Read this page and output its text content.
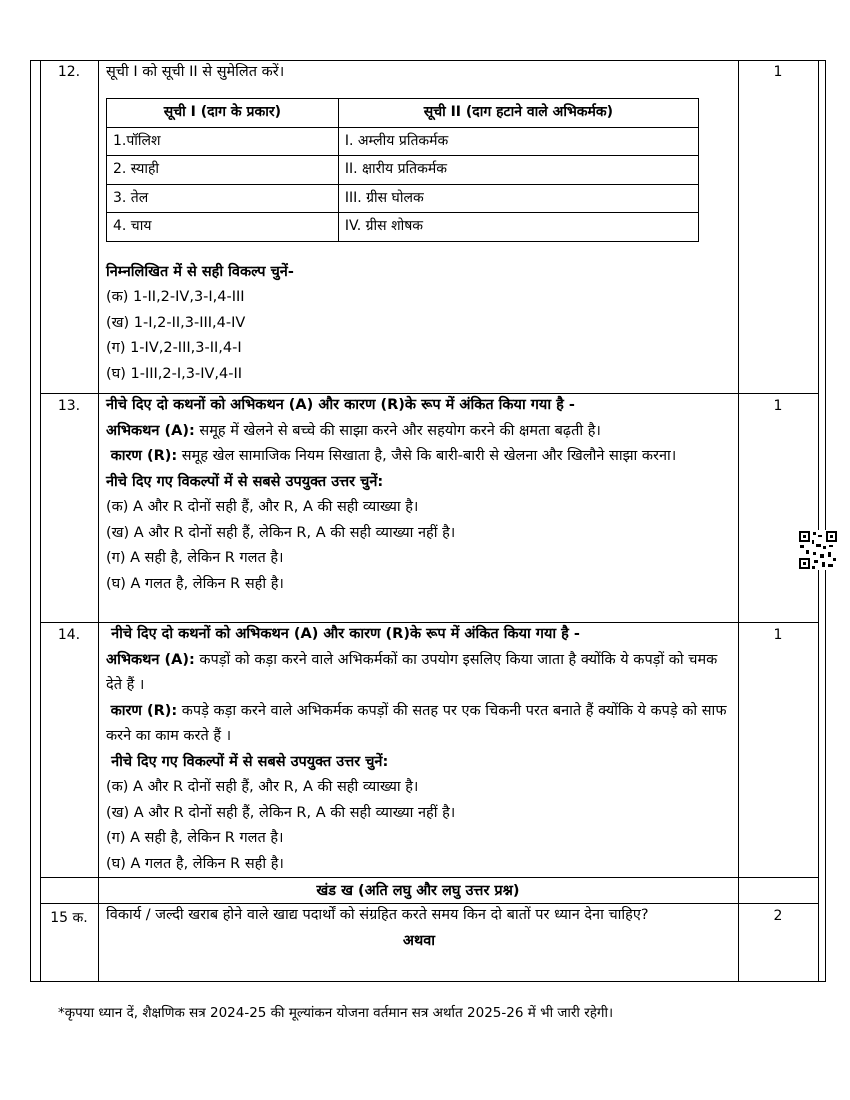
12.	1

सूची I को सूची II से सुमेलित करें।

सूची I (दाग के प्रकार)	सूची II (दाग हटाने वाले अभिकर्मक)
1.पॉलिश	I. अम्लीय प्रतिकर्मक
2. स्याही	II. क्षारीय प्रतिकर्मक
3. तेल	III. ग्रीस घोलक
4. चाय	IV. ग्रीस शोषक

निम्नलिखित में से सही विकल्प चुनें-

(क) 1-II,2-IV,3-I,4-III

(ख) 1-I,2-II,3-III,4-IV

(ग) 1-IV,2-III,3-II,4-I

(घ) 1-III,2-I,3-IV,4-II

13.	1

नीचे दिए दो कथनों को अभिकथन (A) और कारण (R)के रूप में अंकित किया गया है -

अभिकथन (A): समूह में खेलने से बच्चे की साझा करने और सहयोग करने की क्षमता बढ़ती है।

कारण (R): समूह खेल सामाजिक नियम सिखाता है, जैसे कि बारी-बारी से खेलना और खिलौने साझा करना।

नीचे दिए गए विकल्पों में से सबसे उपयुक्त उत्तर चुनें:

(क) A और R दोनों सही हैं, और R, A की सही व्याख्या है।

(ख) A और R दोनों सही हैं, लेकिन R, A की सही व्याख्या नहीं है।

(ग) A सही है, लेकिन R गलत है।

(घ) A गलत है, लेकिन R सही है।

14.	1

नीचे दिए दो कथनों को अभिकथन (A) और कारण (R)के रूप में अंकित किया गया है -

अभिकथन (A): कपड़ों को कड़ा करने वाले अभिकर्मकों का उपयोग इसलिए किया जाता है क्योंकि ये कपड़ों को चमक देते हैं ।

कारण (R): कपड़े कड़ा करने वाले अभिकर्मक कपड़ों की सतह पर एक चिकनी परत बनाते हैं क्योंकि ये कपड़े को साफ करने का काम करते हैं ।

नीचे दिए गए विकल्पों में से सबसे उपयुक्त उत्तर चुनें:

(क) A और R दोनों सही हैं, और R, A की सही व्याख्या है।

(ख) A और R दोनों सही हैं, लेकिन R, A की सही व्याख्या नहीं है।

(ग) A सही है, लेकिन R गलत है।

(घ) A गलत है, लेकिन R सही है।

खंड ख (अति लघु और लघु उत्तर प्रश्न)
15 क.	2

विकार्य / जल्दी खराब होने वाले खाद्य पदार्थों को संग्रहित करते समय किन दो बातों पर ध्यान देना चाहिए?

अथवा

*कृपया ध्यान दें, शैक्षणिक सत्र 2024-25 की मूल्यांकन योजना वर्तमान सत्र अर्थात 2025-26 में भी जारी रहेगी।
